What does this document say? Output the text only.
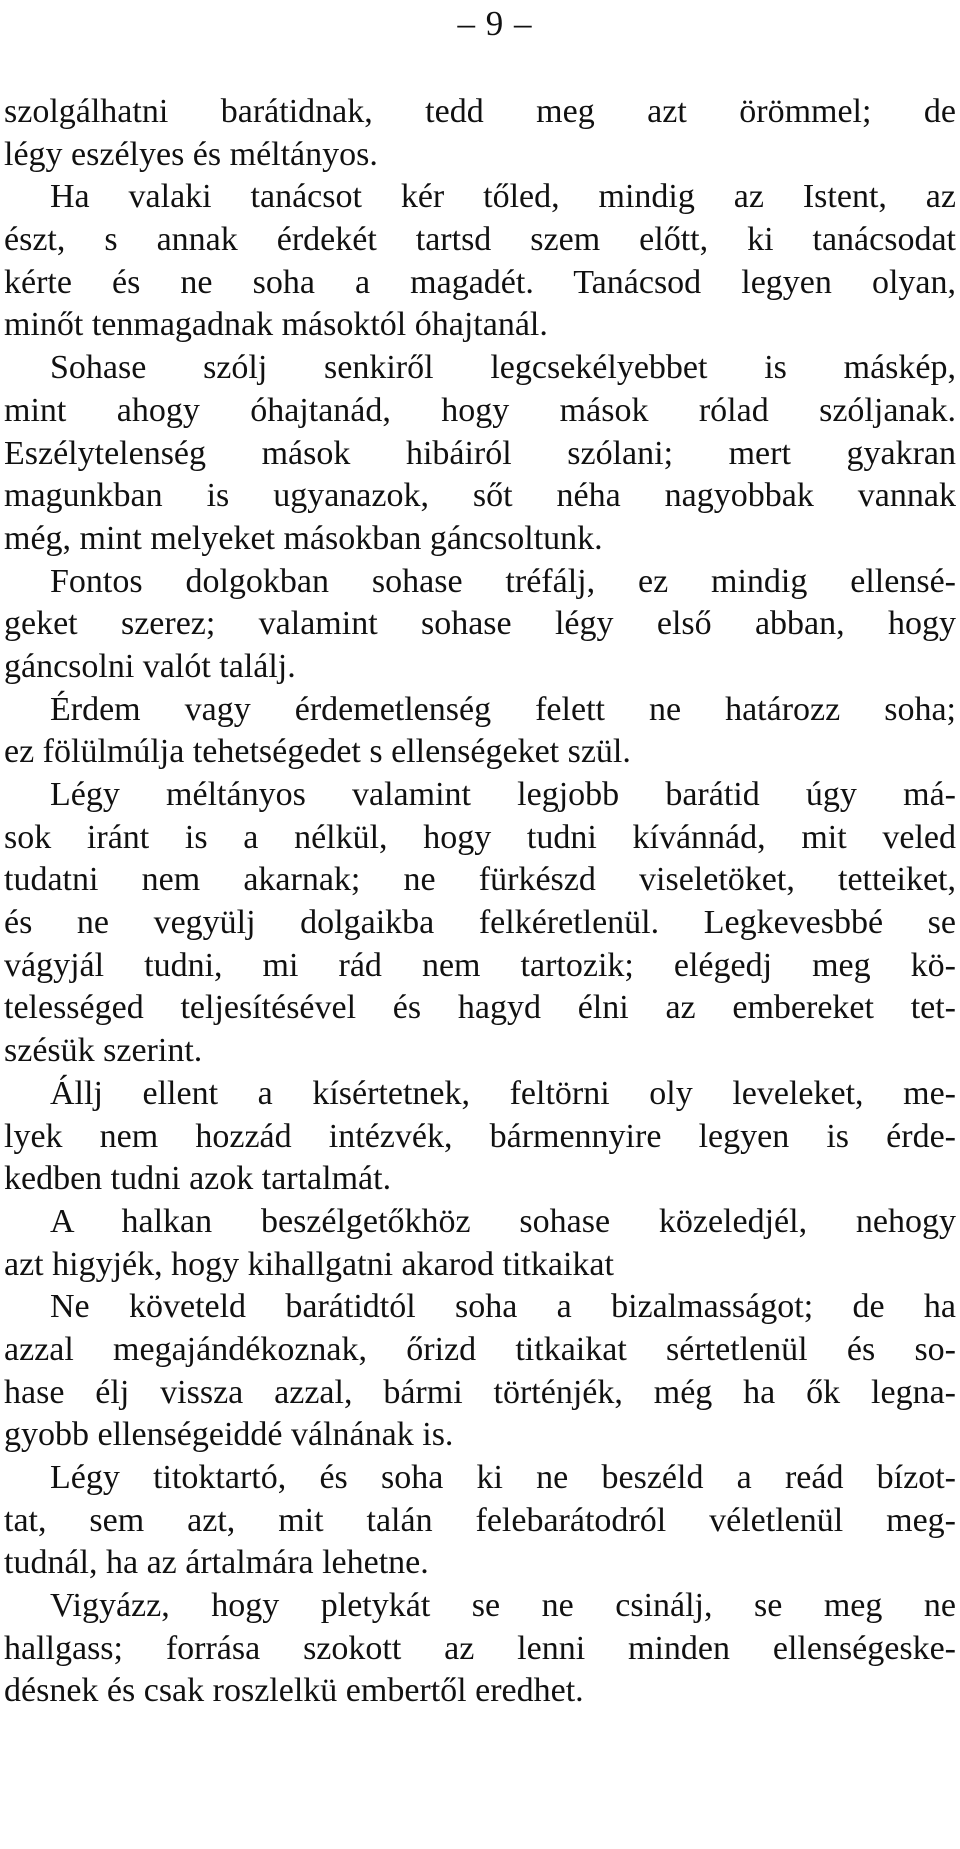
– 9 –
szolgálhatni barátidnak, tedd meg azt örömmel; de
légy eszélyes és méltányos.
Ha valaki tanácsot kér tőled, mindig az Istent, az
észt, s annak érdekét tartsd szem előtt, ki tanácsodat
kérte és ne soha a magadét. Tanácsod legyen olyan,
minőt tenmagadnak másoktól óhajtanál.
Sohase szólj senkiről legcsekélyebbet is máskép,
mint ahogy óhajtanád, hogy mások rólad szóljanak.
Eszélytelenség mások hibáiról szólani; mert gyakran
magunkban is ugyanazok, sőt néha nagyobbak vannak
még, mint melyeket másokban gáncsoltunk.
Fontos dolgokban sohase tréfálj, ez mindig ellensé-
geket szerez; valamint sohase légy első abban, hogy
gáncsolni valót találj.
Érdem vagy érdemetlenség felett ne határozz soha;
ez fölülmúlja tehetségedet s ellenségeket szül.
Légy méltányos valamint legjobb barátid úgy má-
sok iránt is a nélkül, hogy tudni kívánnád, mit veled
tudatni nem akarnak; ne fürkészd viseletöket, tetteiket,
és ne vegyülj dolgaikba felkéretlenül. Legkevesbbé se
vágyjál tudni, mi rád nem tartozik; elégedj meg kö-
telességed teljesítésével és hagyd élni az embereket tet-
szésük szerint.
Állj ellent a kísértetnek, feltörni oly leveleket, me-
lyek nem hozzád intézvék, bármennyire legyen is érde-
kedben tudni azok tartalmát.
A halkan beszélgetőkhöz sohase közeledjél, nehogy
azt higyjék, hogy kihallgatni akarod titkaikat
Ne követeld barátidtól soha a bizalmasságot; de ha
azzal megajándékoznak, őrizd titkaikat sértetlenül és so-
hase élj vissza azzal, bármi történjék, még ha ők legna-
gyobb ellenségeiddé válnának is.
Légy titoktartó, és soha ki ne beszéld a reád bízot-
tat, sem azt, mit talán felebarátodról véletlenül meg-
tudnál, ha az ártalmára lehetne.
Vigyázz, hogy pletykát se ne csinálj, se meg ne
hallgass; forrása szokott az lenni minden ellenségeske-
désnek és csak roszlelkü embertől eredhet.
